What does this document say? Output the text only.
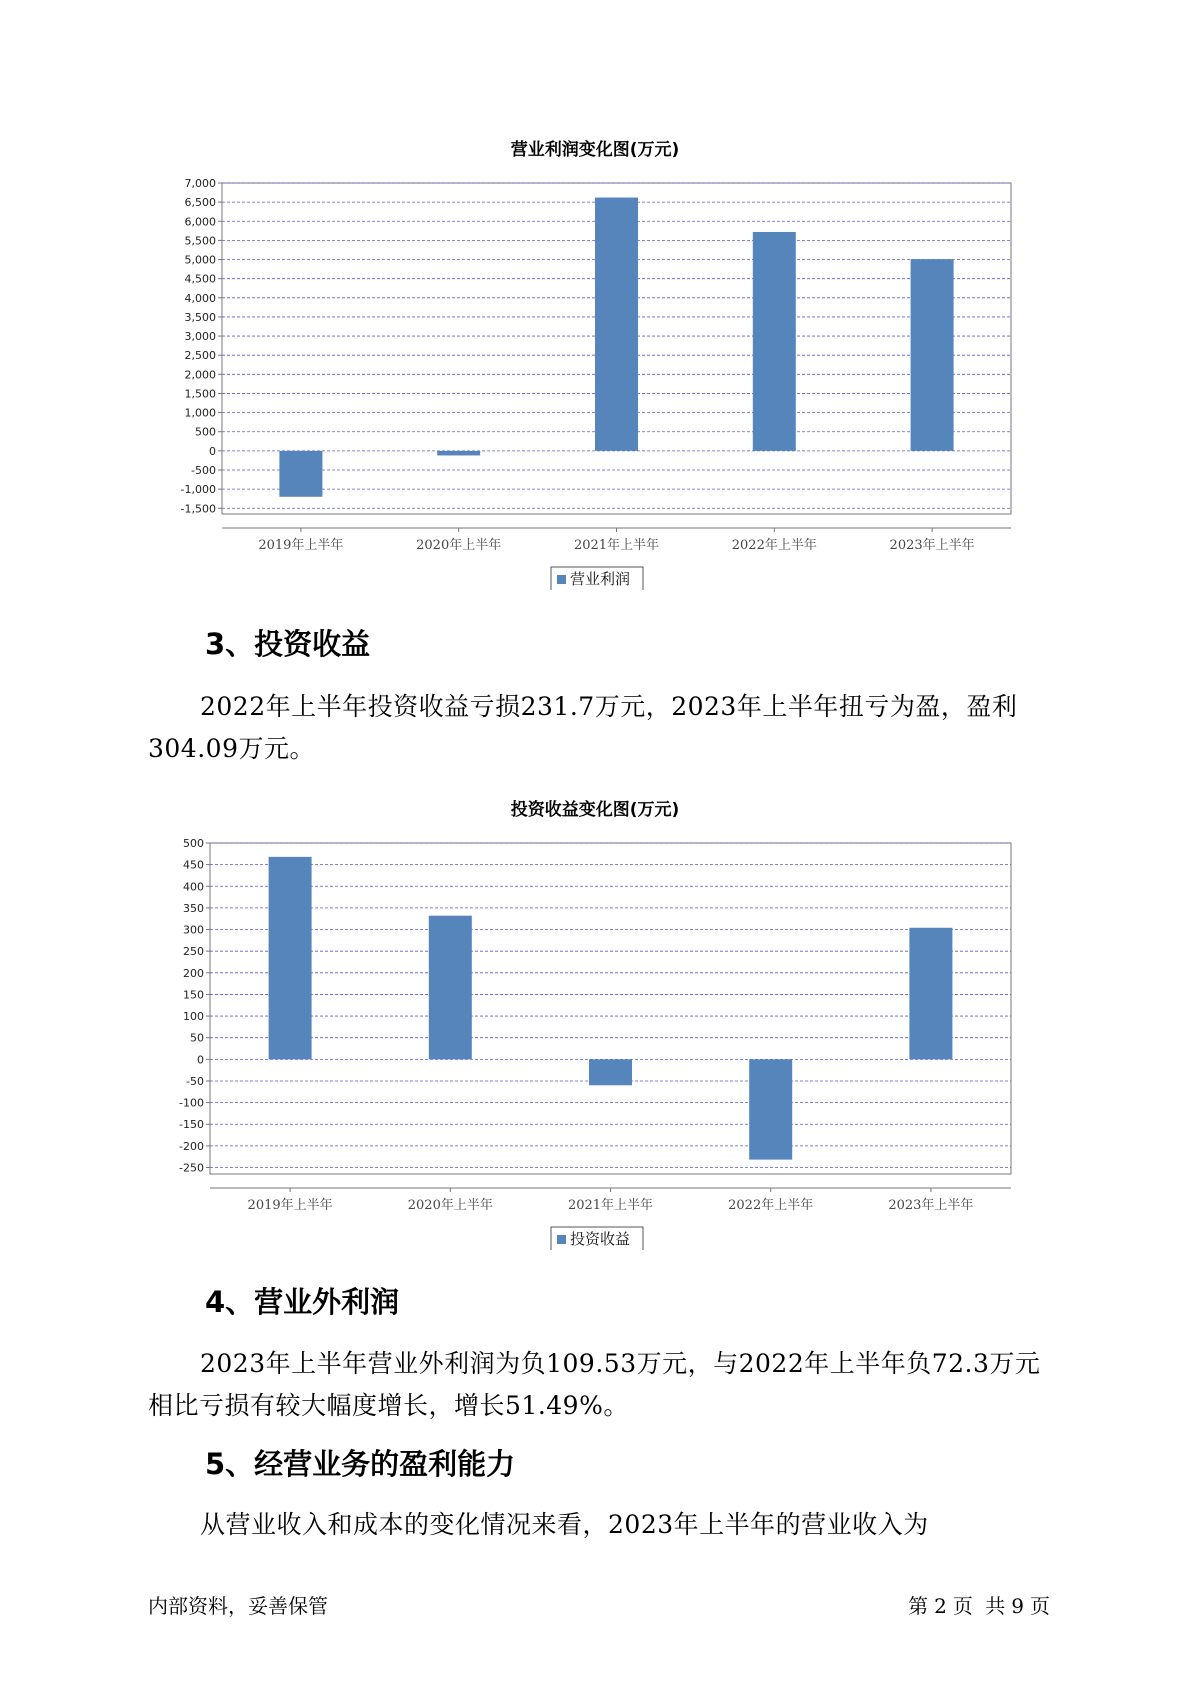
营业利润变化图(万元)
-1,500
-1,000
-500
0
500
1,000
1,500
2,000
2,500
3,000
3,500
4,000
4,500
5,000
5,500
6,000
6,500
7,000
2019年上半年	2020年上半年	2021年上半年	2022年上半年	2023年上半年
营业利润
3、投资收益

2022年上半年投资收益亏损231.7万元，2023年上半年扭亏为盈，盈利304.09万元。

投资收益变化图(万元)
-250
-200
-150
-100
-50
0
50
100
150
200
250
300
350
400
450
500
2019年上半年	2020年上半年	2021年上半年	2022年上半年	2023年上半年
投资收益
4、营业外利润

2023年上半年营业外利润为负109.53万元，与2022年上半年负72.3万元相比亏损有较大幅度增长，增长51.49%。

5、经营业务的盈利能力

从营业收入和成本的变化情况来看，2023年上半年的营业收入为

内部资料，妥善保管	第 2 页 共 9 页
